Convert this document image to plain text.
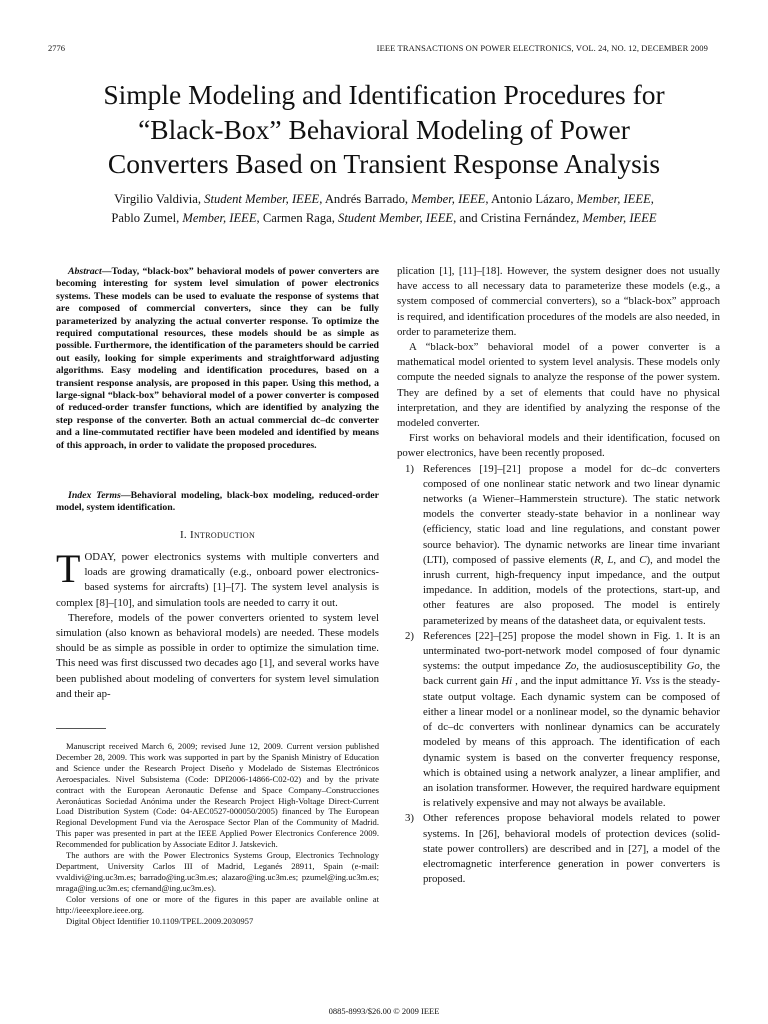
2776	IEEE TRANSACTIONS ON POWER ELECTRONICS, VOL. 24, NO. 12, DECEMBER 2009
Simple Modeling and Identification Procedures for
“Black-Box” Behavioral Modeling of Power
Converters Based on Transient Response Analysis
Virgilio Valdivia, Student Member, IEEE, Andrés Barrado, Member, IEEE, Antonio Lázaro, Member, IEEE,
Pablo Zumel, Member, IEEE, Carmen Raga, Student Member, IEEE, and Cristina Fernández, Member, IEEE
Abstract—Today, “black-box” behavioral models of power converters are becoming interesting for system level simulation of power electronics systems. These models can be used to evaluate the response of systems that are composed of commercial converters, since they can be fully parameterized by analyzing the actual converter response. To optimize the required computational resources, these models should be as simple as possible. Furthermore, the identification of the parameters should be carried out easily, looking for simple experiments and straightforward adjusting algorithms. Easy modeling and identification procedures, based on a transient response analysis, are proposed in this paper. Using this method, a large-signal “black-box” behavioral model of a power converter is composed of reduced-order transfer functions, which are identified by analyzing the step response of the converter. Both an actual commercial dc–dc converter and a line-commutated rectifier have been modeled and identified by means of this approach, in order to validate the proposed procedures.
Index Terms—Behavioral modeling, black-box modeling, reduced-order model, system identification.
I. Introduction

TODAY, power electronics systems with multiple converters and loads are growing dramatically (e.g., onboard power electronics-based systems for aircrafts) [1]–[7]. The system level analysis is complex [8]–[10], and simulation tools are needed to carry it out.

Therefore, models of the power converters oriented to system level simulation (also known as behavioral models) are needed. These models should be as simple as possible in order to optimize the simulation time. This need was first discussed two decades ago [1], and several works have been published about modeling of converters for system level simulation and their ap-

Manuscript received March 6, 2009; revised June 12, 2009. Current version published December 28, 2009. This work was supported in part by the Spanish Ministry of Education and Science under the Research Project Diseño y Modelado de Sistemas Electrónicos Aeroespaciales. Nivel Subsistema (Code: DPI2006-14866-C02-02) and by the private contract with the European Aeronautic Defense and Space Company–Construcciones Aeronáuticas Sociedad Anónima under the Research Project High-Voltage Direct-Current Load Distribution System (Code: 04-AEC0527-000050/2005) financed by The European Regional Development Fund via the Aerospace Sector Plan of the Community of Madrid. This paper was presented in part at the IEEE Applied Power Electronics Conference 2009. Recommended for publication by Associate Editor J. Jatskevich.

The authors are with the Power Electronics Systems Group, Electronics Technology Department, University Carlos III of Madrid, Leganés 28911, Spain (e-mail: vvaldivi@ing.uc3m.es; barrado@ing.uc3m.es; alazaro@ing.uc3m.es; pzumel@ing.uc3m.es; mraga@ing.uc3m.es; cfernand@ing.uc3m.es).

Color versions of one or more of the figures in this paper are available online at http://ieeexplore.ieee.org.

Digital Object Identifier 10.1109/TPEL.2009.2030957

plication [1], [11]–[18]. However, the system designer does not usually have access to all necessary data to parameterize these models (e.g., a system composed of commercial converters), so a “black-box” approach is required, and identification procedures of the models are also needed, in order to parameterize them.

A “black-box” behavioral model of a power converter is a mathematical model oriented to system level analysis. These models only compute the needed signals to analyze the response of the power system. They are defined by a set of elements that could have no physical interpretation, and they are identified by analyzing the response of the modeled converter.

First works on behavioral models and their identification, focused on power electronics, have been recently proposed.

1) References [19]–[21] propose a model for dc–dc converters composed of one nonlinear static network and two linear dynamic networks (a Wiener–Hammerstein structure). The static network models the converter steady-state behavior in a nonlinear way (efficiency, static load and line regulations, and constant power source behavior). The dynamic networks are linear time invariant (LTI), composed of passive elements (R, L, and C), and model the inrush current, high-frequency input impedance, and the output impedance. In addition, models of the protections, start-up, and other features are also proposed. The model is entirely parameterized by means of the datasheet data, or equivalent tests.
2) References [22]–[25] propose the model shown in Fig. 1. It is an unterminated two-port-network model composed of four dynamic systems: the output impedance Zo, the audiosusceptibility Go, the back current gain Hi , and the input admittance Yi. Vss is the steady-state output voltage. Each dynamic system can be composed of either a linear model or a nonlinear model, so the dynamic behavior of dc–dc converters with nonlinear dynamics can be accurately modeled by means of this approach. The identification of each dynamic system is based on the converter frequency response, which is obtained using a network analyzer, a linear amplifier, and an isolation transformer. However, the required hardware equipment is relatively expensive and may not always be available.
3) Other references propose behavioral models related to power systems. In [26], behavioral models of protection devices (solid-state power controllers) are described and in [27], a model of the electromagnetic interference generation in power converters is proposed.
0885-8993/$26.00 © 2009 IEEE
